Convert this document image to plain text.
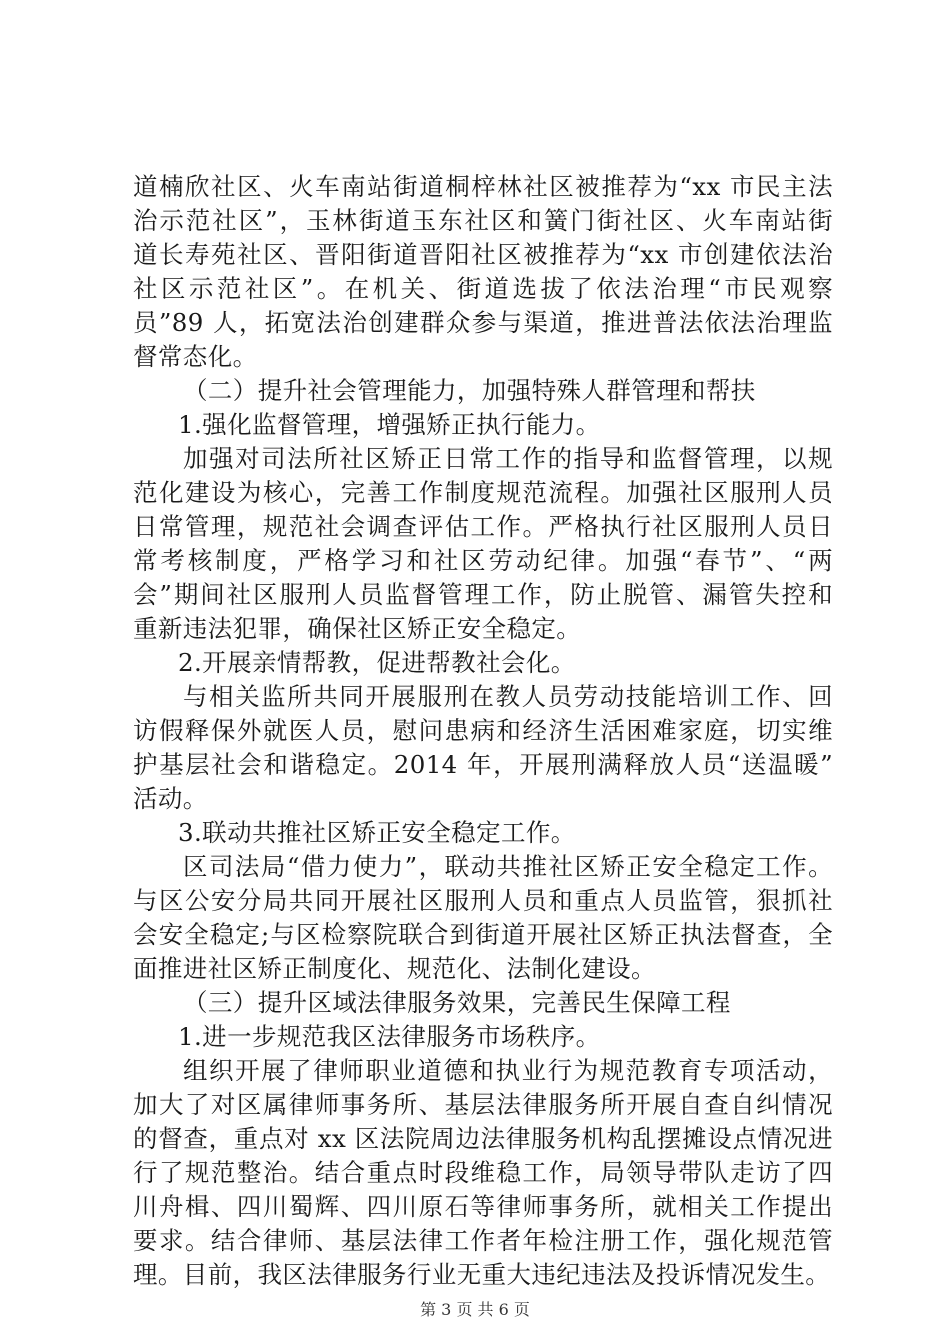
道楠欣社区、火车南站街道桐梓林社区被推荐为“xx 市民主法
治示范社区”，玉林街道玉东社区和簧门街社区、火车南站街
道长寿苑社区、晋阳街道晋阳社区被推荐为“xx 市创建依法治
社区示范社区”。在机关、街道选拔了依法治理“市民观察
员”89 人，拓宽法治创建群众参与渠道，推进普法依法治理监
督常态化。
（二）提升社会管理能力，加强特殊人群管理和帮扶
1.强化监督管理，增强矫正执行能力。
加强对司法所社区矫正日常工作的指导和监督管理，以规
范化建设为核心，完善工作制度规范流程。加强社区服刑人员
日常管理，规范社会调查评估工作。严格执行社区服刑人员日
常考核制度，严格学习和社区劳动纪律。加强“春节”、“两
会”期间社区服刑人员监督管理工作，防止脱管、漏管失控和
重新违法犯罪，确保社区矫正安全稳定。
2.开展亲情帮教，促进帮教社会化。
与相关监所共同开展服刑在教人员劳动技能培训工作、回
访假释保外就医人员，慰问患病和经济生活困难家庭，切实维
护基层社会和谐稳定。2014 年，开展刑满释放人员“送温暖”
活动。
3.联动共推社区矫正安全稳定工作。
区司法局“借力使力”，联动共推社区矫正安全稳定工作。
与区公安分局共同开展社区服刑人员和重点人员监管，狠抓社
会安全稳定;与区检察院联合到街道开展社区矫正执法督查，全
面推进社区矫正制度化、规范化、法制化建设。
（三）提升区域法律服务效果，完善民生保障工程
1.进一步规范我区法律服务市场秩序。
组织开展了律师职业道德和执业行为规范教育专项活动，
加大了对区属律师事务所、基层法律服务所开展自查自纠情况
的督查，重点对 xx 区法院周边法律服务机构乱摆摊设点情况进
行了规范整治。结合重点时段维稳工作，局领导带队走访了四
川舟楫、四川蜀辉、四川原石等律师事务所，就相关工作提出
要求。结合律师、基层法律工作者年检注册工作，强化规范管
理。目前，我区法律服务行业无重大违纪违法及投诉情况发生。
第 3 页 共 6 页
